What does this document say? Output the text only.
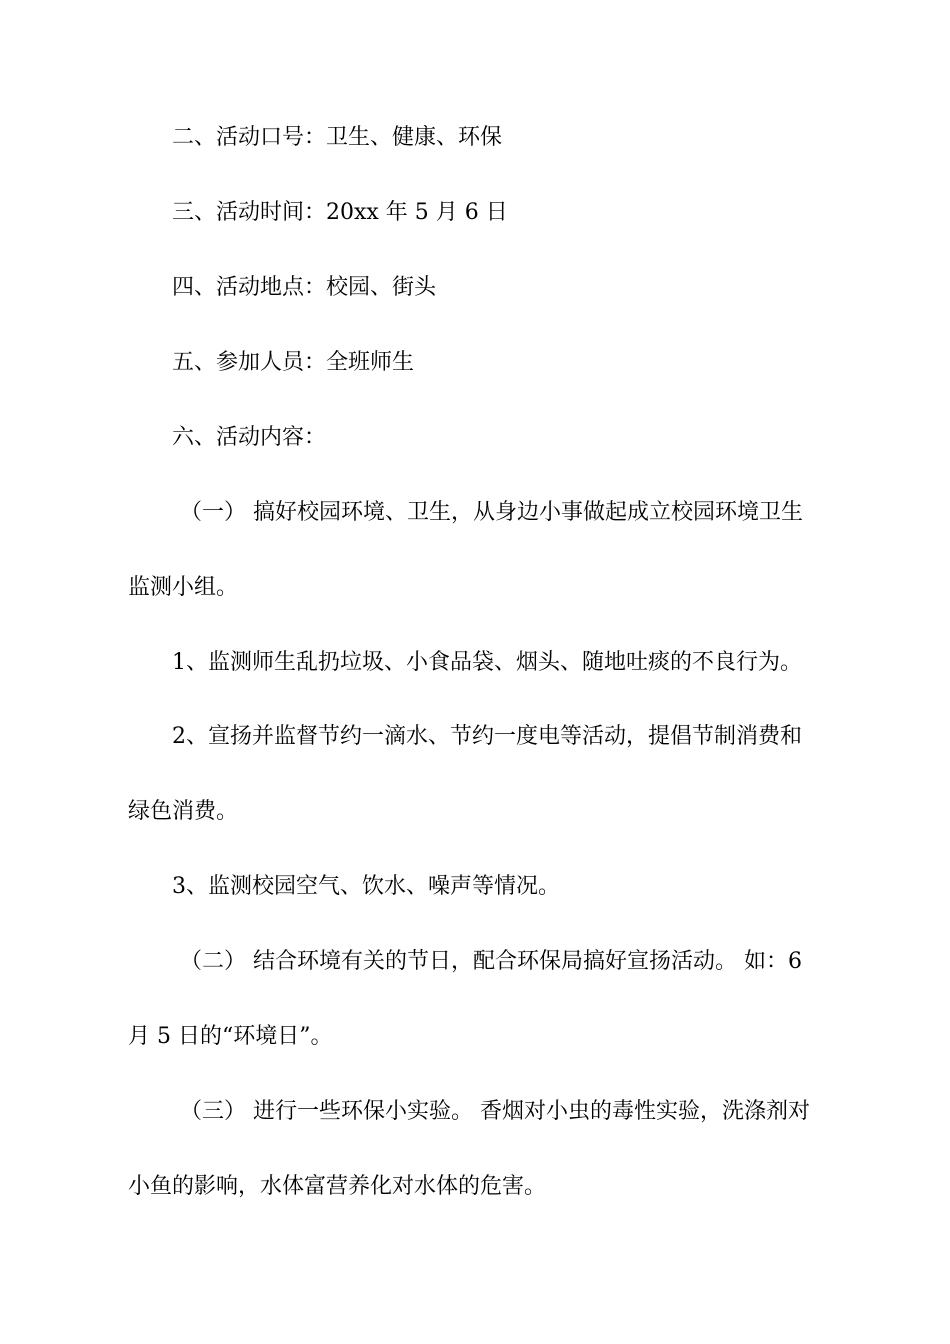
二、活动口号：卫生、健康、环保

三、活动时间：20xx 年 5 月 6 日

四、活动地点：校园、街头

五、参加人员：全班师生

六、活动内容：

（一） 搞好校园环境、卫生，从身边小事做起成立校园环境卫生

监测小组。

1、监测师生乱扔垃圾、小食品袋、烟头、随地吐痰的不良行为。

2、宣扬并监督节约一滴水、节约一度电等活动，提倡节制消费和

绿色消费。

3、监测校园空气、饮水、噪声等情况。

（二） 结合环境有关的节日，配合环保局搞好宣扬活动。 如：6

月 5 日的“环境日”。

（三） 进行一些环保小实验。 香烟对小虫的毒性实验，洗涤剂对

小鱼的影响，水体富营养化对水体的危害。
